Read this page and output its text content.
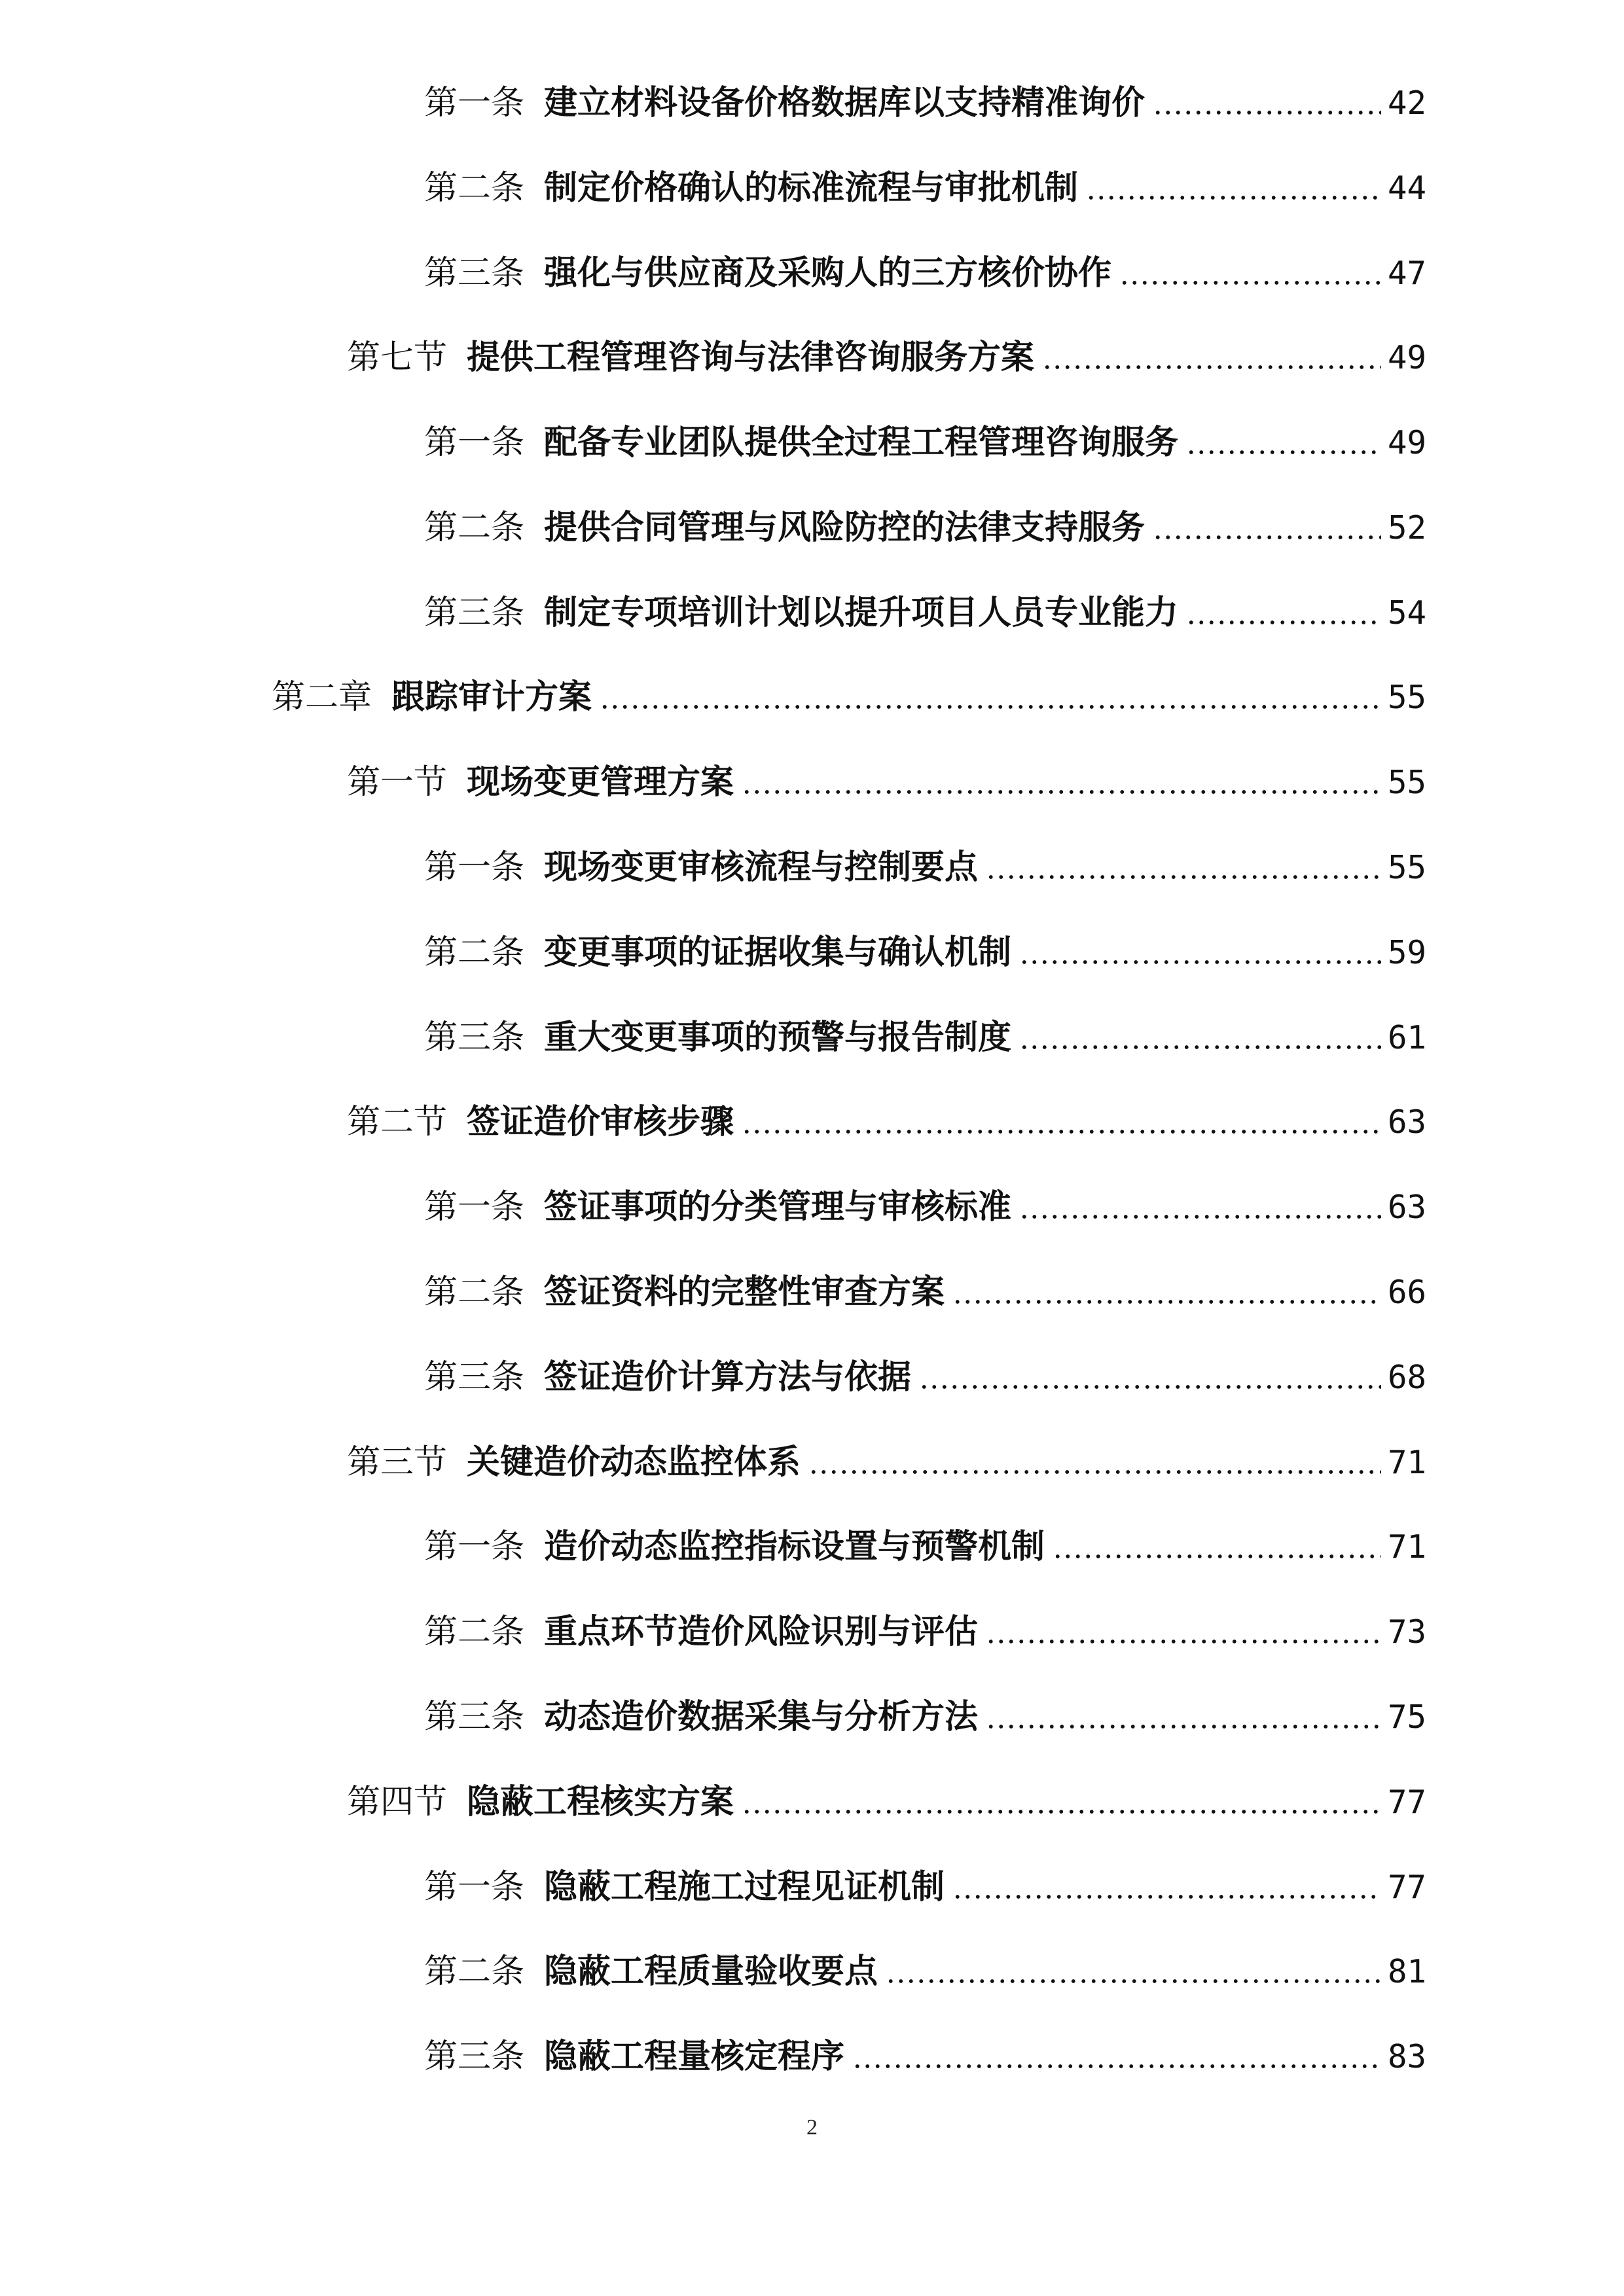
第一条 建立材料设备价格数据库以支持精准询价	42
第二条 制定价格确认的标准流程与审批机制	44
第三条 强化与供应商及采购人的三方核价协作	47
第七节 提供工程管理咨询与法律咨询服务方案	49
第一条 配备专业团队提供全过程工程管理咨询服务	49
第二条 提供合同管理与风险防控的法律支持服务	52
第三条 制定专项培训计划以提升项目人员专业能力	54
第二章 跟踪审计方案	55
第一节 现场变更管理方案	55
第一条 现场变更审核流程与控制要点	55
第二条 变更事项的证据收集与确认机制	59
第三条 重大变更事项的预警与报告制度	61
第二节 签证造价审核步骤	63
第一条 签证事项的分类管理与审核标准	63
第二条 签证资料的完整性审查方案	66
第三条 签证造价计算方法与依据	68
第三节 关键造价动态监控体系	71
第一条 造价动态监控指标设置与预警机制	71
第二条 重点环节造价风险识别与评估	73
第三条 动态造价数据采集与分析方法	75
第四节 隐蔽工程核实方案	77
第一条 隐蔽工程施工过程见证机制	77
第二条 隐蔽工程质量验收要点	81
第三条 隐蔽工程量核定程序	83
2
